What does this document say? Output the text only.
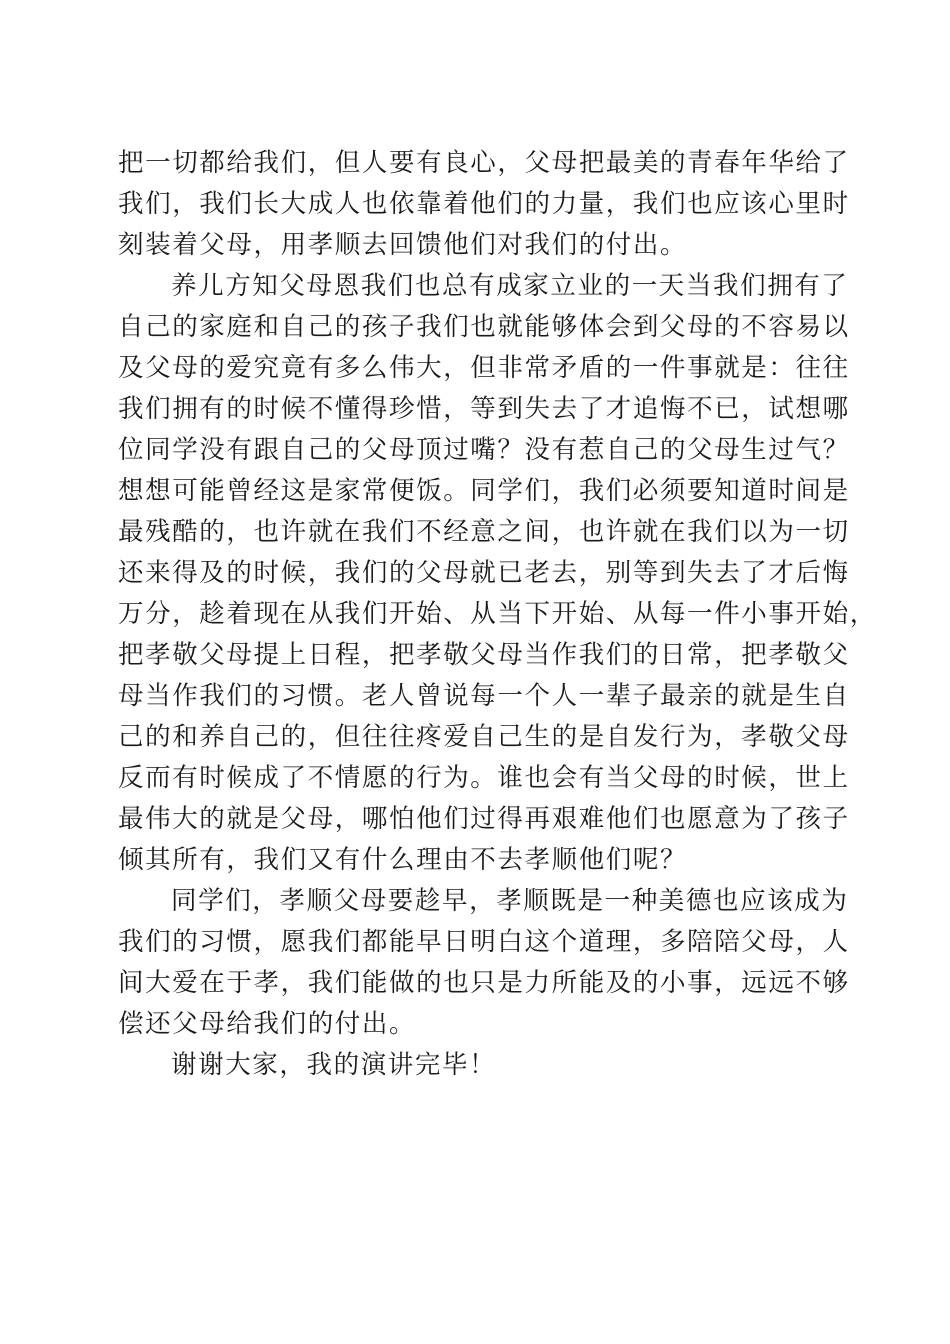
把一切都给我们，但人要有良心，父母把最美的青春年华给了
我们，我们长大成人也依靠着他们的力量，我们也应该心里时
刻装着父母，用孝顺去回馈他们对我们的付出。
养儿方知父母恩我们也总有成家立业的一天当我们拥有了
自己的家庭和自己的孩子我们也就能够体会到父母的不容易以
及父母的爱究竟有多么伟大，但非常矛盾的一件事就是：往往
我们拥有的时候不懂得珍惜，等到失去了才追悔不已，试想哪
位同学没有跟自己的父母顶过嘴？没有惹自己的父母生过气？
想想可能曾经这是家常便饭。同学们，我们必须要知道时间是
最残酷的，也许就在我们不经意之间，也许就在我们以为一切
还来得及的时候，我们的父母就已老去，别等到失去了才后悔
万分，趁着现在从我们开始、从当下开始、从每一件小事开始，
把孝敬父母提上日程，把孝敬父母当作我们的日常，把孝敬父
母当作我们的习惯。老人曾说每一个人一辈子最亲的就是生自
己的和养自己的，但往往疼爱自己生的是自发行为，孝敬父母
反而有时候成了不情愿的行为。谁也会有当父母的时候，世上
最伟大的就是父母，哪怕他们过得再艰难他们也愿意为了孩子
倾其所有，我们又有什么理由不去孝顺他们呢？
同学们，孝顺父母要趁早，孝顺既是一种美德也应该成为
我们的习惯，愿我们都能早日明白这个道理，多陪陪父母，人
间大爱在于孝，我们能做的也只是力所能及的小事，远远不够
偿还父母给我们的付出。
谢谢大家，我的演讲完毕！
